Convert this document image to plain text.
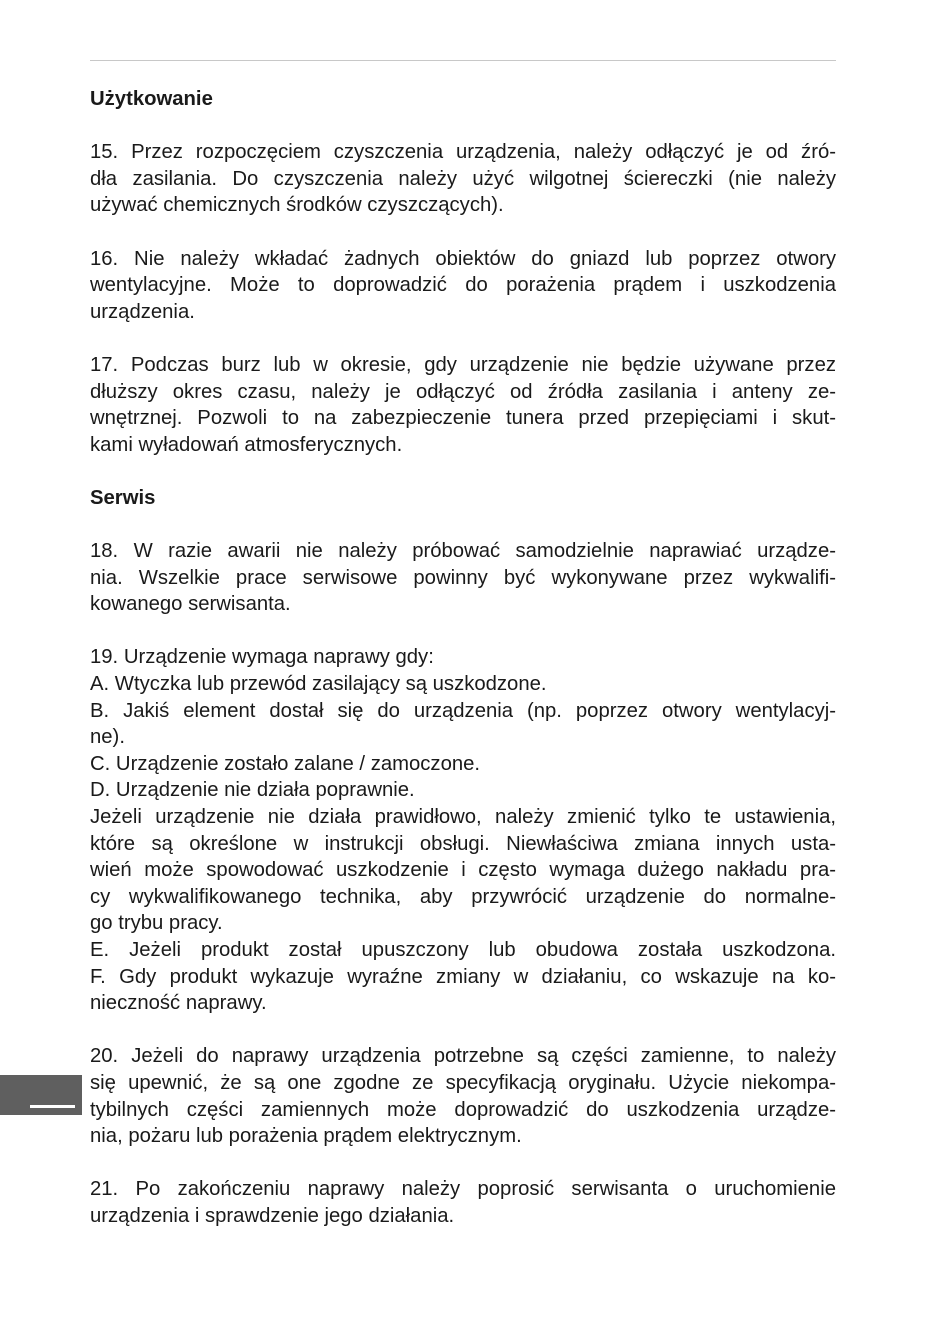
Użytkowanie
15. Przez rozpoczęciem czyszczenia urządzenia, należy odłączyć je od źró-
dła zasilania. Do czyszczenia należy użyć wilgotnej ściereczki (nie należy
używać chemicznych środków czyszczących).
16. Nie należy wkładać żadnych obiektów do gniazd lub poprzez otwory
wentylacyjne. Może to doprowadzić do porażenia prądem i uszkodzenia
urządzenia.
17. Podczas burz lub w okresie, gdy urządzenie nie będzie używane przez
dłuższy okres czasu, należy je odłączyć od źródła zasilania i anteny ze-
wnętrznej. Pozwoli to na zabezpieczenie tunera przed przepięciami i skut-
kami wyładowań atmosferycznych.
Serwis
18. W razie awarii nie należy próbować samodzielnie naprawiać urządze-
nia. Wszelkie prace serwisowe powinny być wykonywane przez wykwalifi-
kowanego serwisanta.
19. Urządzenie wymaga naprawy gdy:
A. Wtyczka lub przewód zasilający są uszkodzone.
B. Jakiś element dostał się do urządzenia (np. poprzez otwory wentylacyj-
ne).
C. Urządzenie zostało zalane / zamoczone.
D. Urządzenie nie działa poprawnie.
Jeżeli urządzenie nie działa prawidłowo, należy zmienić tylko te ustawienia,
które są określone w instrukcji obsługi. Niewłaściwa zmiana innych usta-
wień może spowodować uszkodzenie i często wymaga dużego nakładu pra-
cy wykwalifikowanego technika, aby przywrócić urządzenie do normalne-
go trybu pracy.
E. Jeżeli produkt został upuszczony lub obudowa została uszkodzona.
F. Gdy produkt wykazuje wyraźne zmiany w działaniu, co wskazuje na ko-
nieczność naprawy.
20. Jeżeli do naprawy urządzenia potrzebne są części zamienne, to należy
się upewnić, że są one zgodne ze specyfikacją oryginału. Użycie niekompa-
tybilnych części zamiennych może doprowadzić do uszkodzenia urządze-
nia, pożaru lub porażenia prądem elektrycznym.
21. Po zakończeniu naprawy należy poprosić serwisanta o uruchomienie
urządzenia i sprawdzenie jego działania.
